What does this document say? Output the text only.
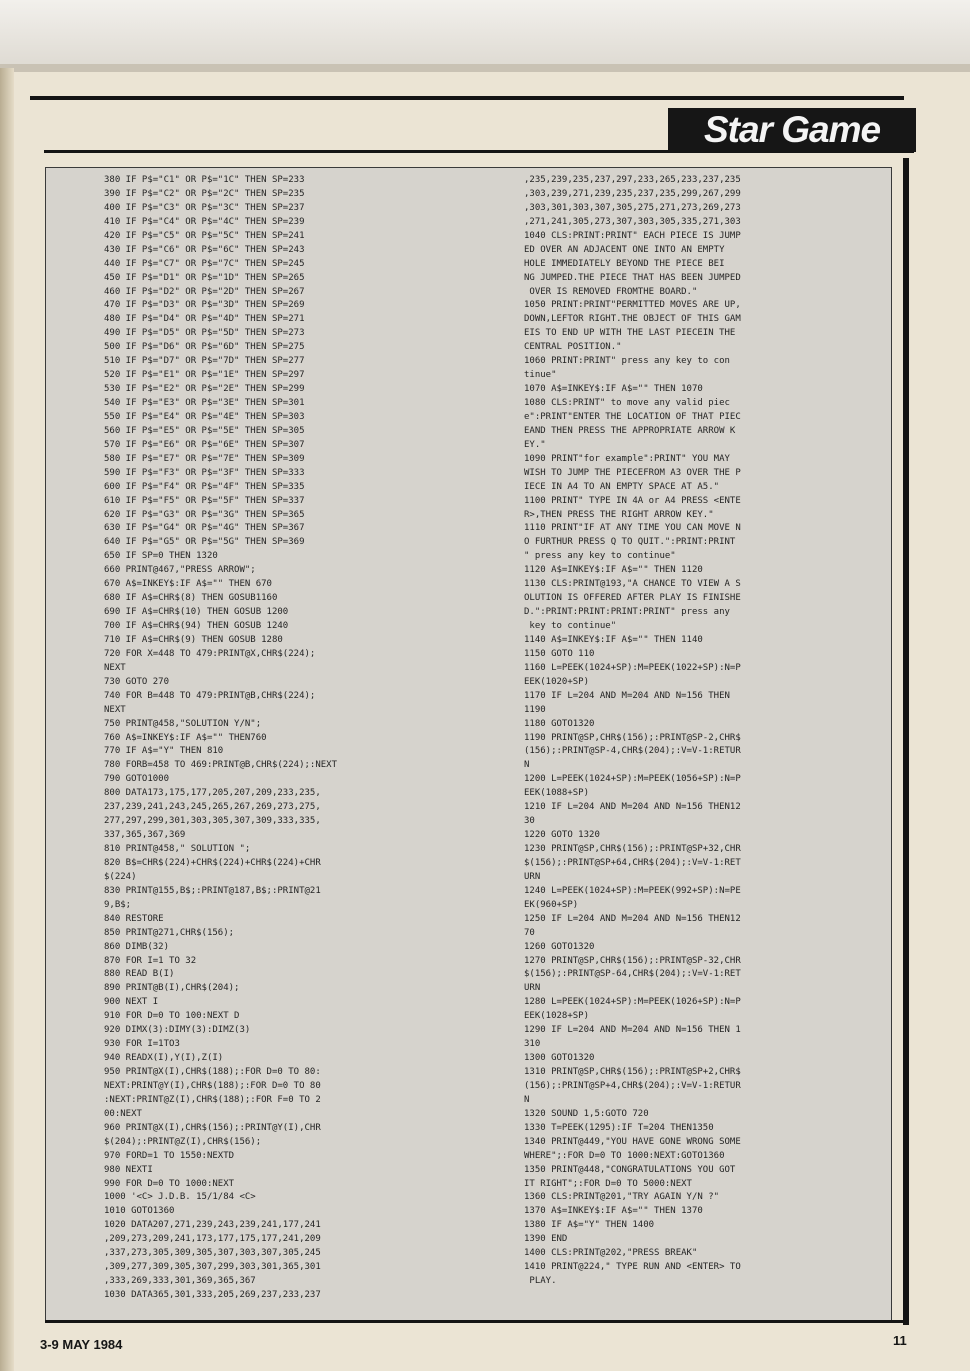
Star Game
380 IF P$="C1" OR P$="1C" THEN SP=233
390 IF P$="C2" OR P$="2C" THEN SP=235
400 IF P$="C3" OR P$="3C" THEN SP=237
410 IF P$="C4" OR P$="4C" THEN SP=239
420 IF P$="C5" OR P$="5C" THEN SP=241
430 IF P$="C6" OR P$="6C" THEN SP=243
440 IF P$="C7" OR P$="7C" THEN SP=245
450 IF P$="D1" OR P$="1D" THEN SP=265
460 IF P$="D2" OR P$="2D" THEN SP=267
470 IF P$="D3" OR P$="3D" THEN SP=269
480 IF P$="D4" OR P$="4D" THEN SP=271
490 IF P$="D5" OR P$="5D" THEN SP=273
500 IF P$="D6" OR P$="6D" THEN SP=275
510 IF P$="D7" OR P$="7D" THEN SP=277
520 IF P$="E1" OR P$="1E" THEN SP=297
530 IF P$="E2" OR P$="2E" THEN SP=299
540 IF P$="E3" OR P$="3E" THEN SP=301
550 IF P$="E4" OR P$="4E" THEN SP=303
560 IF P$="E5" OR P$="5E" THEN SP=305
570 IF P$="E6" OR P$="6E" THEN SP=307
580 IF P$="E7" OR P$="7E" THEN SP=309
590 IF P$="F3" OR P$="3F" THEN SP=333
600 IF P$="F4" OR P$="4F" THEN SP=335
610 IF P$="F5" OR P$="5F" THEN SP=337
620 IF P$="G3" OR P$="3G" THEN SP=365
630 IF P$="G4" OR P$="4G" THEN SP=367
640 IF P$="G5" OR P$="5G" THEN SP=369
650 IF SP=0 THEN 1320
660 PRINT@467,"PRESS ARROW";
670 A$=INKEY$:IF A$="" THEN 670
680 IF A$=CHR$(8) THEN GOSUB1160
690 IF A$=CHR$(10) THEN GOSUB 1200
700 IF A$=CHR$(94) THEN GOSUB 1240
710 IF A$=CHR$(9) THEN GOSUB 1280
720 FOR X=448 TO 479:PRINT@X,CHR$(224);
NEXT
730 GOTO 270
740 FOR B=448 TO 479:PRINT@B,CHR$(224);
NEXT
750 PRINT@458,"SOLUTION Y/N";
760 A$=INKEY$:IF A$="" THEN760
770 IF A$="Y" THEN 810
780 FORB=458 TO 469:PRINT@B,CHR$(224);:NEXT
790 GOTO1000
800 DATA173,175,177,205,207,209,233,235,
237,239,241,243,245,265,267,269,273,275,
277,297,299,301,303,305,307,309,333,335,
337,365,367,369
810 PRINT@458," SOLUTION ";
820 B$=CHR$(224)+CHR$(224)+CHR$(224)+CHR
$(224)
830 PRINT@155,B$;:PRINT@187,B$;:PRINT@21
9,B$;
840 RESTORE
850 PRINT@271,CHR$(156);
860 DIMB(32)
870 FOR I=1 TO 32
880 READ B(I)
890 PRINT@B(I),CHR$(204);
900 NEXT I
910 FOR D=0 TO 100:NEXT D
920 DIMX(3):DIMY(3):DIMZ(3)
930 FOR I=1TO3
940 READX(I),Y(I),Z(I)
950 PRINT@X(I),CHR$(188);:FOR D=0 TO 80:
NEXT:PRINT@Y(I),CHR$(188);:FOR D=0 TO 80
:NEXT:PRINT@Z(I),CHR$(188);:FOR F=0 TO 2
00:NEXT
960 PRINT@X(I),CHR$(156);:PRINT@Y(I),CHR
$(204);:PRINT@Z(I),CHR$(156);
970 FORD=1 TO 1550:NEXTD
980 NEXTI
990 FOR D=0 TO 1000:NEXT
1000 '<C> J.D.B. 15/1/84 <C>
1010 GOTO1360
1020 DATA207,271,239,243,239,241,177,241
,209,273,209,241,173,177,175,177,241,209
,337,273,305,309,305,307,303,307,305,245
,309,277,309,305,307,299,303,301,365,301
,333,269,333,301,369,365,367
1030 DATA365,301,333,205,269,237,233,237
,235,239,235,237,297,233,265,233,237,235
,303,239,271,239,235,237,235,299,267,299
,303,301,303,307,305,275,271,273,269,273
,271,241,305,273,307,303,305,335,271,303
1040 CLS:PRINT:PRINT" EACH PIECE IS JUMP
ED OVER AN ADJACENT ONE INTO AN EMPTY
HOLE IMMEDIATELY BEYOND THE PIECE BEI
NG JUMPED.THE PIECE THAT HAS BEEN JUMPED
OVER IS REMOVED FROMTHE BOARD."
1050 PRINT:PRINT"PERMITTED MOVES ARE UP,
DOWN,LEFTOR RIGHT.THE OBJECT OF THIS GAM
EIS TO END UP WITH THE LAST PIECEIN THE
CENTRAL POSITION."
1060 PRINT:PRINT" press any key to con
tinue"
1070 A$=INKEY$:IF A$="" THEN 1070
1080 CLS:PRINT" to move any valid piec
e":PRINT"ENTER THE LOCATION OF THAT PIEC
EAND THEN PRESS THE APPROPRIATE ARROW K
EY."
1090 PRINT"for example":PRINT" YOU MAY
WISH TO JUMP THE PIECEFROM A3 OVER THE P
IECE IN A4 TO AN EMPTY SPACE AT A5."
1100 PRINT" TYPE IN 4A or A4 PRESS <ENTE
R>,THEN PRESS THE RIGHT ARROW KEY."
1110 PRINT"IF AT ANY TIME YOU CAN MOVE N
O FURTHUR PRESS Q TO QUIT.":PRINT:PRINT
" press any key to continue"
1120 A$=INKEY$:IF A$="" THEN 1120
1130 CLS:PRINT@193,"A CHANCE TO VIEW A S
OLUTION IS OFFERED AFTER PLAY IS FINISHE
D.":PRINT:PRINT:PRINT:PRINT" press any
key to continue"
1140 A$=INKEY$:IF A$="" THEN 1140
1150 GOTO 110
1160 L=PEEK(1024+SP):M=PEEK(1022+SP):N=P
EEK(1020+SP)
1170 IF L=204 AND M=204 AND N=156 THEN
1190
1180 GOTO1320
1190 PRINT@SP,CHR$(156);:PRINT@SP-2,CHR$
(156);:PRINT@SP-4,CHR$(204);:V=V-1:RETUR
N
1200 L=PEEK(1024+SP):M=PEEK(1056+SP):N=P
EEK(1088+SP)
1210 IF L=204 AND M=204 AND N=156 THEN12
30
1220 GOTO 1320
1230 PRINT@SP,CHR$(156);:PRINT@SP+32,CHR
$(156);:PRINT@SP+64,CHR$(204);:V=V-1:RET
URN
1240 L=PEEK(1024+SP):M=PEEK(992+SP):N=PE
EK(960+SP)
1250 IF L=204 AND M=204 AND N=156 THEN12
70
1260 GOTO1320
1270 PRINT@SP,CHR$(156);:PRINT@SP-32,CHR
$(156);:PRINT@SP-64,CHR$(204);:V=V-1:RET
URN
1280 L=PEEK(1024+SP):M=PEEK(1026+SP):N=P
EEK(1028+SP)
1290 IF L=204 AND M=204 AND N=156 THEN 1
310
1300 GOTO1320
1310 PRINT@SP,CHR$(156);:PRINT@SP+2,CHR$
(156);:PRINT@SP+4,CHR$(204);:V=V-1:RETUR
N
1320 SOUND 1,5:GOTO 720
1330 T=PEEK(1295):IF T=204 THEN1350
1340 PRINT@449,"YOU HAVE GONE WRONG SOME
WHERE";:FOR D=0 TO 1000:NEXT:GOTO1360
1350 PRINT@448,"CONGRATULATIONS YOU GOT
IT RIGHT";:FOR D=0 TO 5000:NEXT
1360 CLS:PRINT@201,"TRY AGAIN Y/N ?"
1370 A$=INKEY$:IF A$="" THEN 1370
1380 IF A$="Y" THEN 1400
1390 END
1400 CLS:PRINT@202,"PRESS BREAK"
1410 PRINT@224," TYPE RUN AND <ENTER> TO
PLAY.
3-9 MAY 1984	11
